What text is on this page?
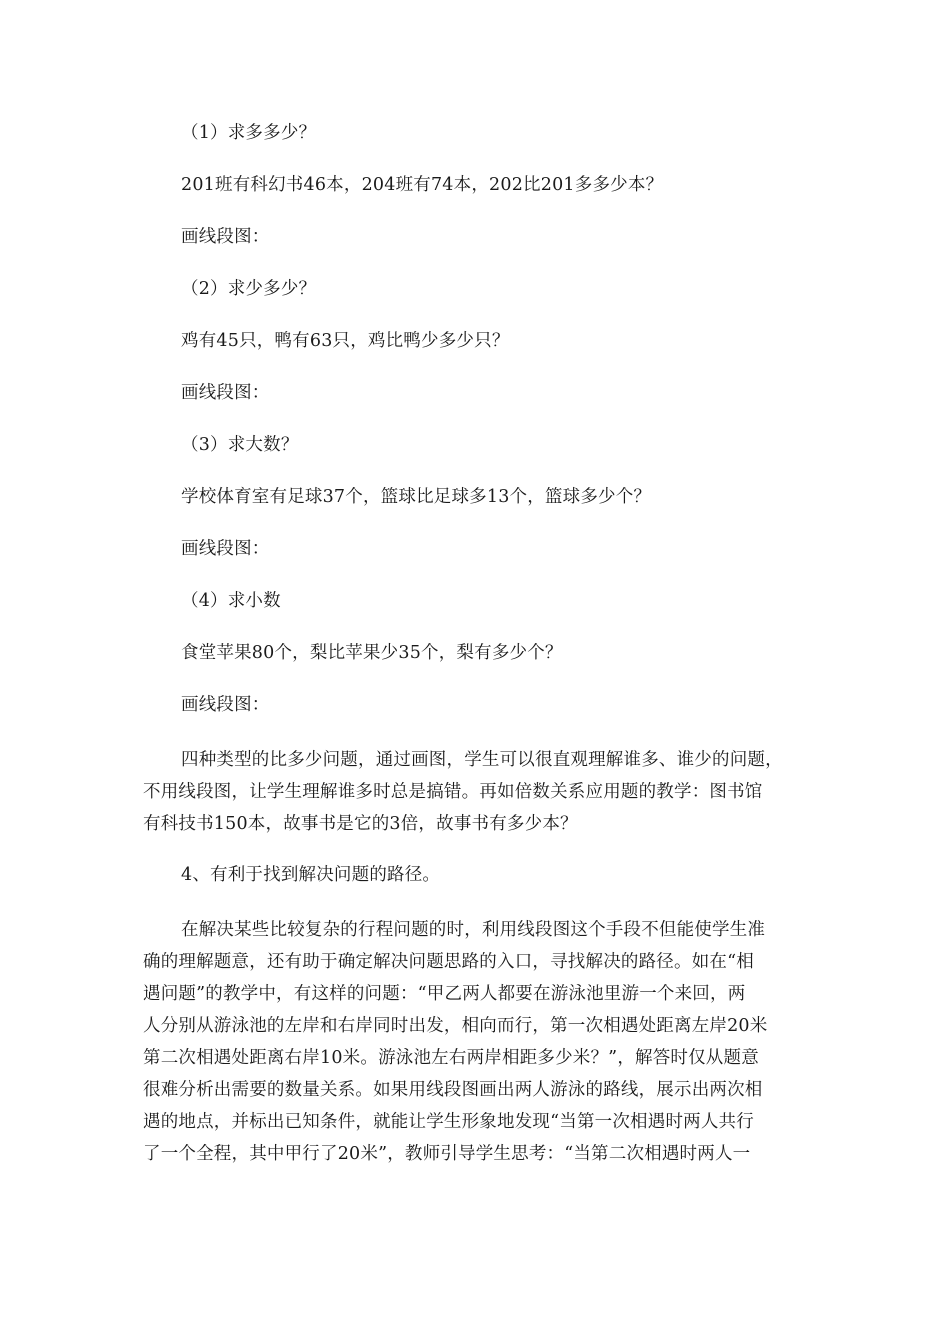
（1）求多多少？

201班有科幻书46本，204班有74本，202比201多多少本？

画线段图：

（2）求少多少？

鸡有45只，鸭有63只，鸡比鸭少多少只？

画线段图：

（3）求大数？

学校体育室有足球37个，篮球比足球多13个，篮球多少个？

画线段图：

（4）求小数

食堂苹果80个，梨比苹果少35个，梨有多少个？

画线段图：

四种类型的比多少问题，通过画图，学生可以很直观理解谁多、谁少的问题，
不用线段图，让学生理解谁多时总是搞错。再如倍数关系应用题的教学：图书馆
有科技书150本，故事书是它的3倍，故事书有多少本？

4、有利于找到解决问题的路径。

在解决某些比较复杂的行程问题的时，利用线段图这个手段不但能使学生准
确的理解题意，还有助于确定解决问题思路的入口，寻找解决的路径。如在“相
遇问题”的教学中，有这样的问题：“甲乙两人都要在游泳池里游一个来回，两
人分别从游泳池的左岸和右岸同时出发，相向而行，第一次相遇处距离左岸20米
第二次相遇处距离右岸10米。游泳池左右两岸相距多少米？”，解答时仅从题意
很难分析出需要的数量关系。如果用线段图画出两人游泳的路线，展示出两次相
遇的地点，并标出已知条件，就能让学生形象地发现“当第一次相遇时两人共行
了一个全程，其中甲行了20米”，教师引导学生思考：“当第二次相遇时两人一
